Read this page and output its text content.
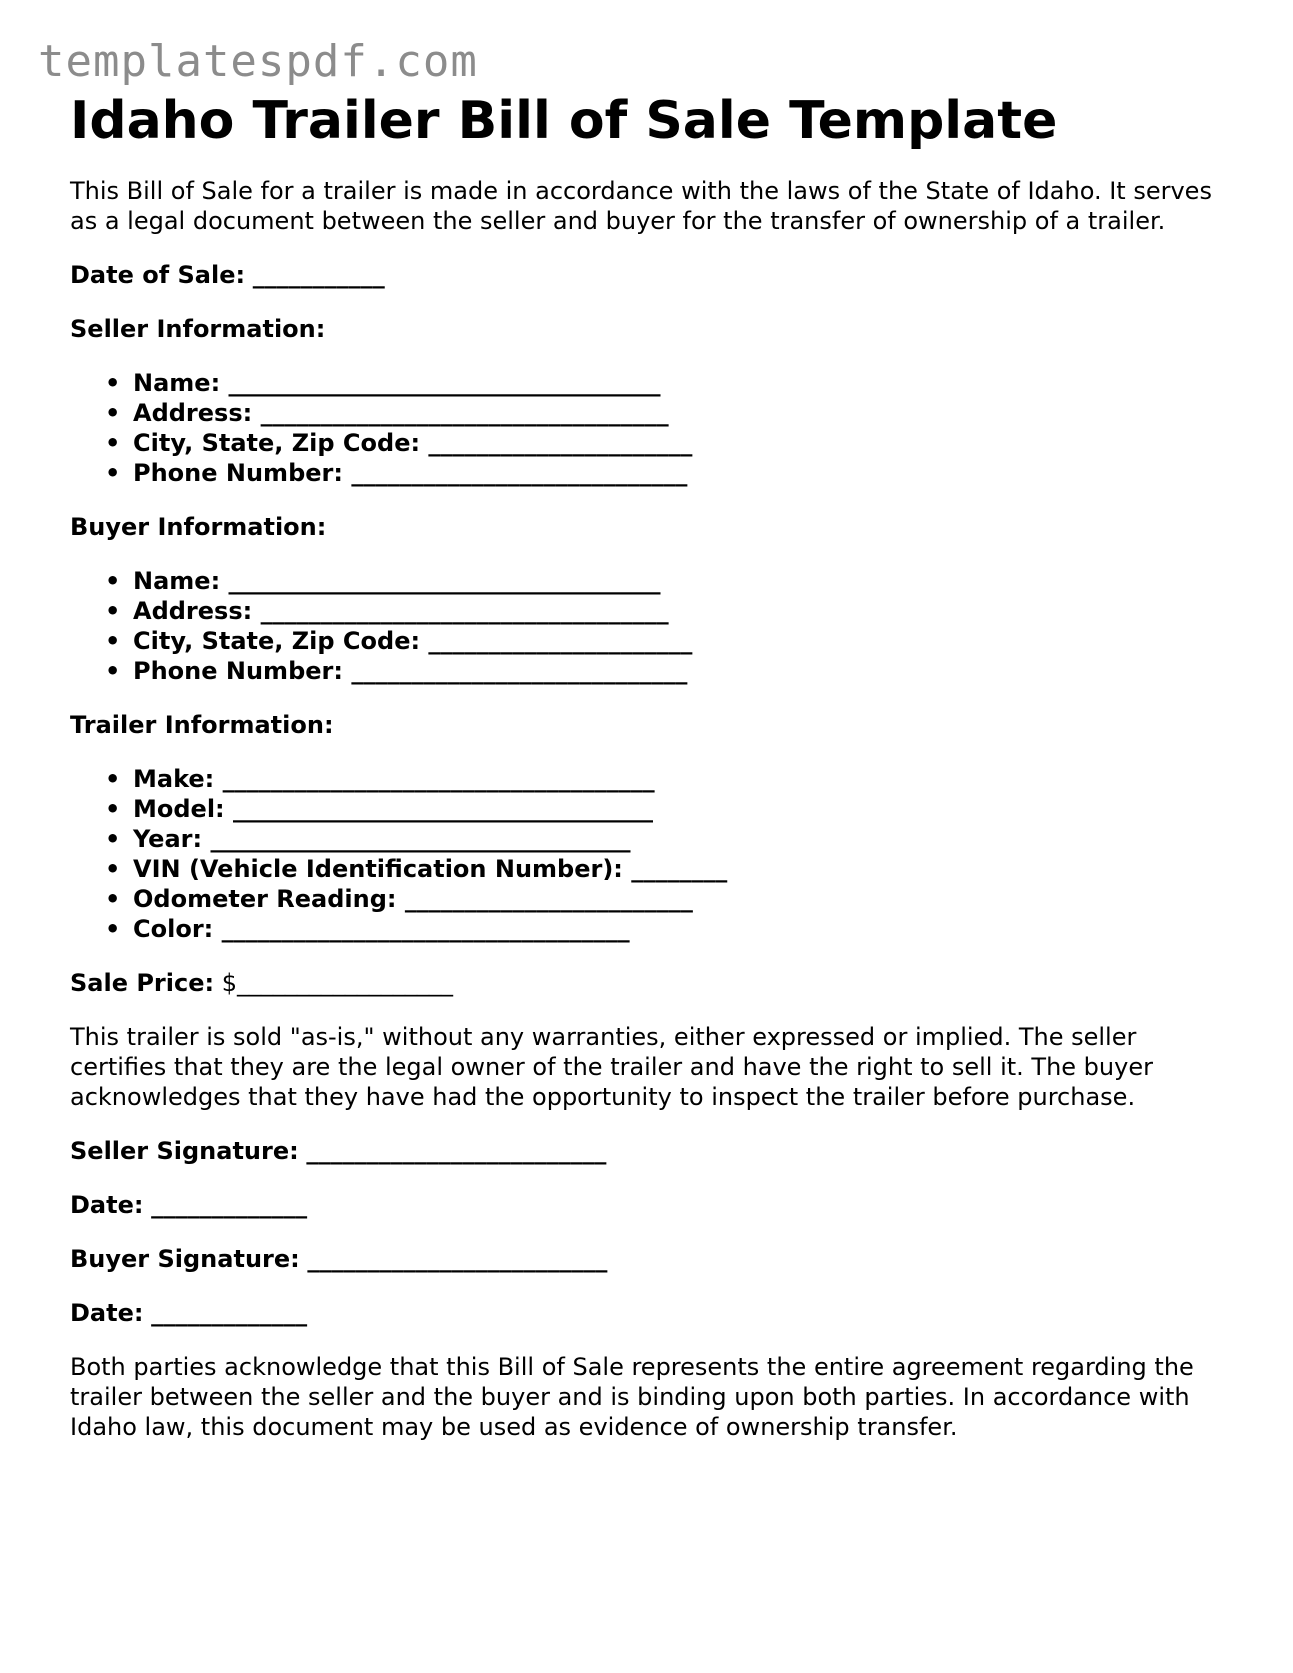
templatespdf.com
Idaho Trailer Bill of Sale Template

This Bill of Sale for a trailer is made in accordance with the laws of the State of Idaho. It serves as a legal document between the seller and buyer for the transfer of ownership of a trailer.

Date of Sale: ___________

Seller Information:

• Name: ____________________________________
• Address: __________________________________
• City, State, Zip Code: ______________________
• Phone Number: ____________________________

Buyer Information:

• Name: ____________________________________
• Address: __________________________________
• City, State, Zip Code: ______________________
• Phone Number: ____________________________

Trailer Information:

• Make: ____________________________________
• Model: ___________________________________
• Year: ___________________________________
• VIN (Vehicle Identification Number): ________
• Odometer Reading: ________________________
• Color: __________________________________

Sale Price: $__________________

This trailer is sold "as-is," without any warranties, either expressed or implied. The seller certifies that they are the legal owner of the trailer and have the right to sell it. The buyer acknowledges that they have had the opportunity to inspect the trailer before purchase.

Seller Signature: _________________________

Date: _____________

Buyer Signature: _________________________

Date: _____________

Both parties acknowledge that this Bill of Sale represents the entire agreement regarding the trailer between the seller and the buyer and is binding upon both parties. In accordance with Idaho law, this document may be used as evidence of ownership transfer.
